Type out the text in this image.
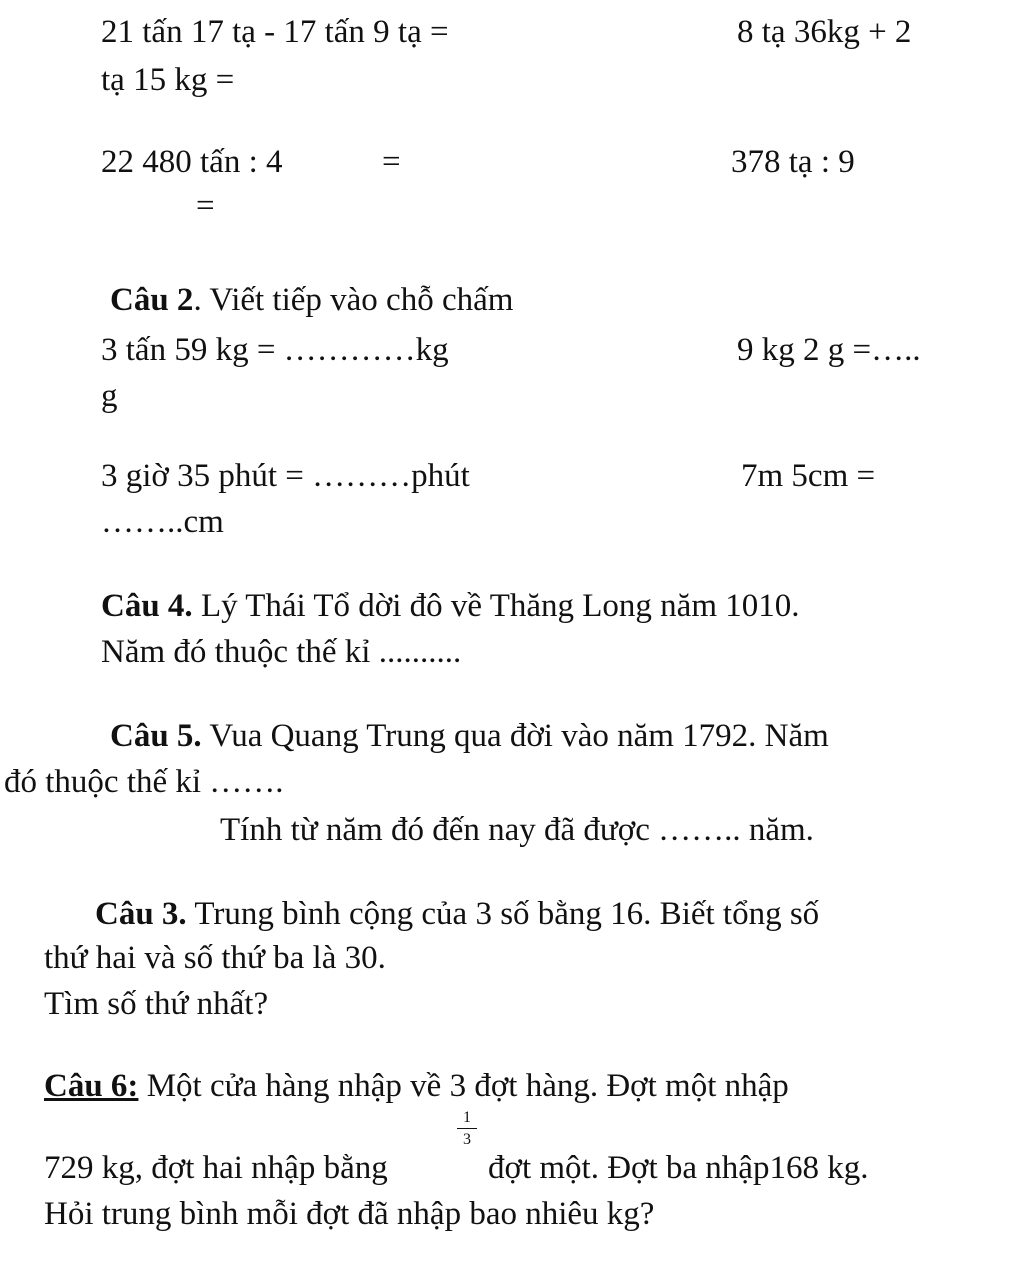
21 tấn 17 tạ - 17 tấn 9 tạ =	8 tạ 36kg + 2
tạ 15 kg =
22 480 tấn : 4	=	378 tạ : 9
=
Câu 2. Viết tiếp vào chỗ chấm
3 tấn 59 kg = …………kg	9 kg 2 g =…..
g
3 giờ 35 phút = ………phút	7m 5cm =
……..cm
Câu 4. Lý Thái Tổ dời đô về Thăng Long năm 1010.
Năm đó thuộc thế kỉ ..........
Câu 5. Vua Quang Trung qua đời vào năm 1792. Năm
đó thuộc thế kỉ …….
Tính từ năm đó đến nay đã được …….. năm.
Câu 3. Trung bình cộng của 3 số bằng 16. Biết tổng số
thứ hai và số thứ ba là 30.
Tìm số thứ nhất?
Câu 6: Một cửa hàng nhập về 3 đợt hàng. Đợt một nhập
729 kg, đợt hai nhập bằng
$\frac{1}{3}$
đợt một. Đợt ba nhập168 kg.
Hỏi trung bình mỗi đợt đã nhập bao nhiêu kg?
